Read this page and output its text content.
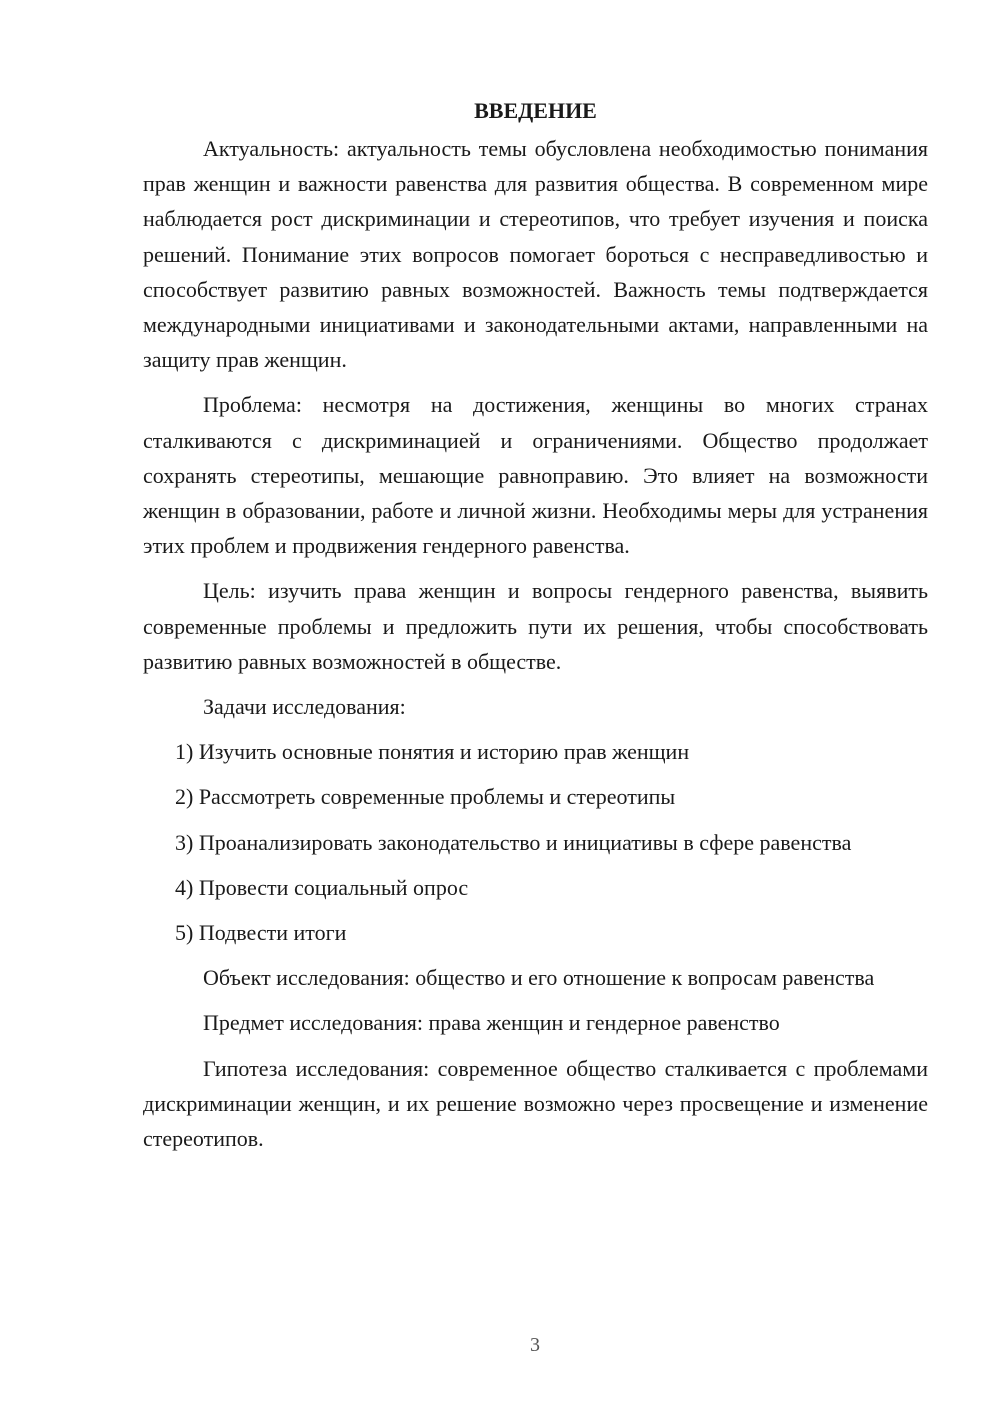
ВВЕДЕНИЕ

Актуальность: актуальность темы обусловлена необходимостью понимания прав женщин и важности равенства для развития общества. В современном мире наблюдается рост дискриминации и стереотипов, что требует изучения и поиска решений. Понимание этих вопросов помогает бороться с несправедливостью и способствует развитию равных возможностей. Важность темы подтверждается международными инициативами и законодательными актами, направленными на защиту прав женщин.

Проблема: несмотря на достижения, женщины во многих странах сталкиваются с дискриминацией и ограничениями. Общество продолжает сохранять стереотипы, мешающие равноправию. Это влияет на возможности женщин в образовании, работе и личной жизни. Необходимы меры для устранения этих проблем и продвижения гендерного равенства.

Цель: изучить права женщин и вопросы гендерного равенства, выявить современные проблемы и предложить пути их решения, чтобы способствовать развитию равных возможностей в обществе.

Задачи исследования:

1) Изучить основные понятия и историю прав женщин

2) Рассмотреть современные проблемы и стереотипы

3) Проанализировать законодательство и инициативы в сфере равенства

4) Провести социальный опрос

5) Подвести итоги

Объект исследования: общество и его отношение к вопросам равенства

Предмет исследования: права женщин и гендерное равенство

Гипотеза исследования: современное общество сталкивается с проблемами дискриминации женщин, и их решение возможно через просвещение и изменение стереотипов.

3
